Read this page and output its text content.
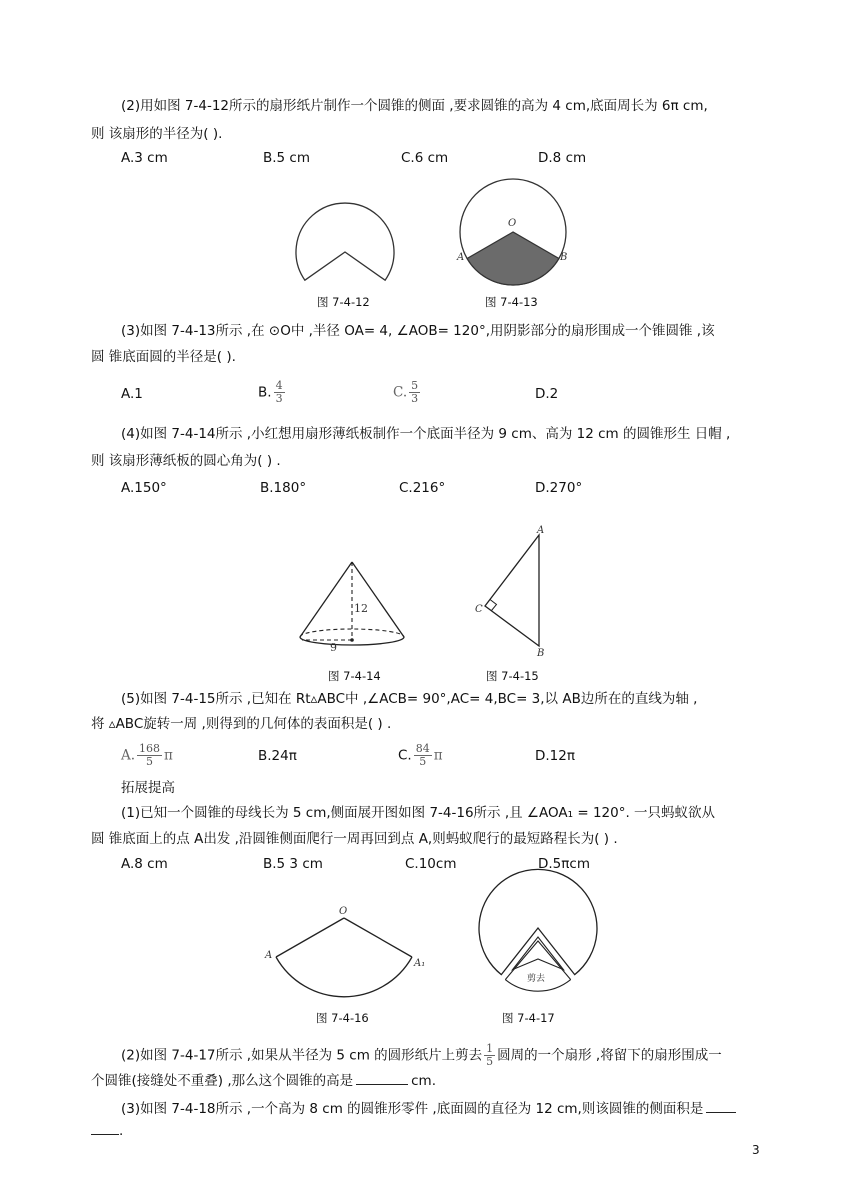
(2)用如图 7-4-12所示的扇形纸片制作一个圆锥的侧面 ,要求圆锥的高为 4 cm,底面周长为 6π cm,
则 该扇形的半径为( ).
A.3 cm	B.5 cm	C.6 cm	D.8 cm
图 7-4-12
O
A	B
图 7-4-13
(3)如图 7-4-13所示 ,在 ⊙O中 ,半径 OA= 4, ∠AOB= 120°,用阴影部分的扇形围成一个锥圆锥 ,该
圆 锥底面圆的半径是( ).
A.1	B. $\frac{4}{3}$	C. $\frac{5}{3}$	D.2
(4)如图 7-4-14所示 ,小红想用扇形薄纸板制作一个底面半径为 9 cm、高为 12 cm 的圆锥形生 日帽 ,
则 该扇形薄纸板的圆心角为( ) .
A.150°	B.180°	C.216°	D.270°
12
9
图 7-4-14
A
C
B
图 7-4-15
(5)如图 7-4-15所示 ,已知在 Rt▵ABC中 ,∠ACB= 90°,AC= 4,BC= 3,以 AB边所在的直线为轴 ,
将 ▵ABC旋转一周 ,则得到的几何体的表面积是( ) .
A. $\frac{168}{5}$ π	B.24π	C. $\frac{84}{5}$ π	D.12π
拓展提高
(1)已知一个圆锥的母线长为 5 cm,侧面展开图如图 7-4-16所示 ,且 ∠AOA₁ = 120°. 一只蚂蚁欲从
圆 锥底面上的点 A出发 ,沿圆锥侧面爬行一周再回到点 A,则蚂蚁爬行的最短路程长为( ) .
A.8 cm	B.5 3 cm	C.10cm	D.5πcm
O
A
A₁
图 7-4-16
剪去
图 7-4-17
(2)如图 7-4-17所示 ,如果从半径为 5 cm 的圆形纸片上剪去 $\frac{1}{5}$ 圆周的一个扇形 ,将留下的扇形围成一
个圆锥(接缝处不重叠) ,那么这个圆锥的高是	cm.
(3)如图 7-4-18所示 ,一个高为 8 cm 的圆锥形零件 ,底面圆的直径为 12 cm,则该圆锥的侧面积是
.
3
